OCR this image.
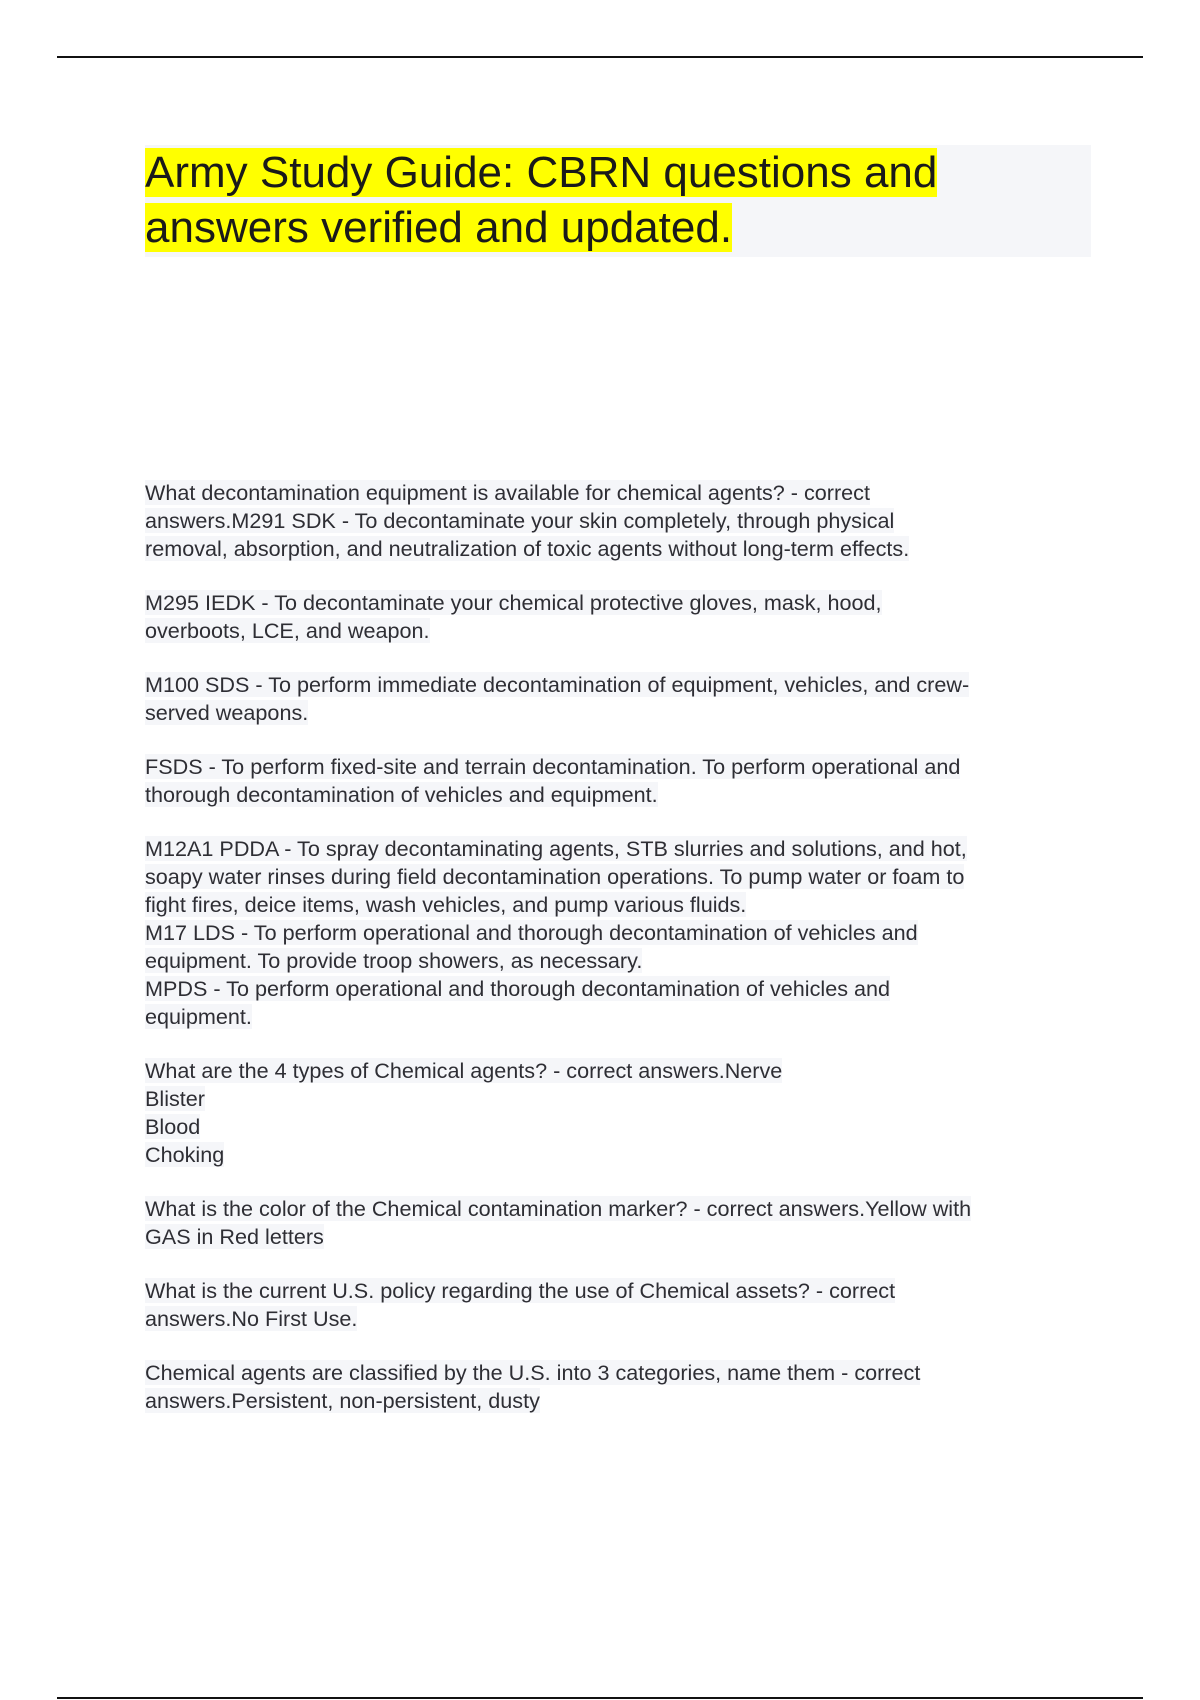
Army Study Guide: CBRN questions and answers verified and updated.

What decontamination equipment is available for chemical agents? - correct
answers.M291 SDK - To decontaminate your skin completely, through physical
removal, absorption, and neutralization of toxic agents without long-term effects.

M295 IEDK - To decontaminate your chemical protective gloves, mask, hood,
overboots, LCE, and weapon.

M100 SDS - To perform immediate decontamination of equipment, vehicles, and crew-
served weapons.

FSDS - To perform fixed-site and terrain decontamination. To perform operational and
thorough decontamination of vehicles and equipment.

M12A1 PDDA - To spray decontaminating agents, STB slurries and solutions, and hot,
soapy water rinses during field decontamination operations. To pump water or foam to
fight fires, deice items, wash vehicles, and pump various fluids.
M17 LDS - To perform operational and thorough decontamination of vehicles and
equipment. To provide troop showers, as necessary.
MPDS - To perform operational and thorough decontamination of vehicles and
equipment.

What are the 4 types of Chemical agents? - correct answers.Nerve
Blister
Blood
Choking

What is the color of the Chemical contamination marker? - correct answers.Yellow with
GAS in Red letters

What is the current U.S. policy regarding the use of Chemical assets? - correct
answers.No First Use.

Chemical agents are classified by the U.S. into 3 categories, name them - correct
answers.Persistent, non-persistent, dusty
